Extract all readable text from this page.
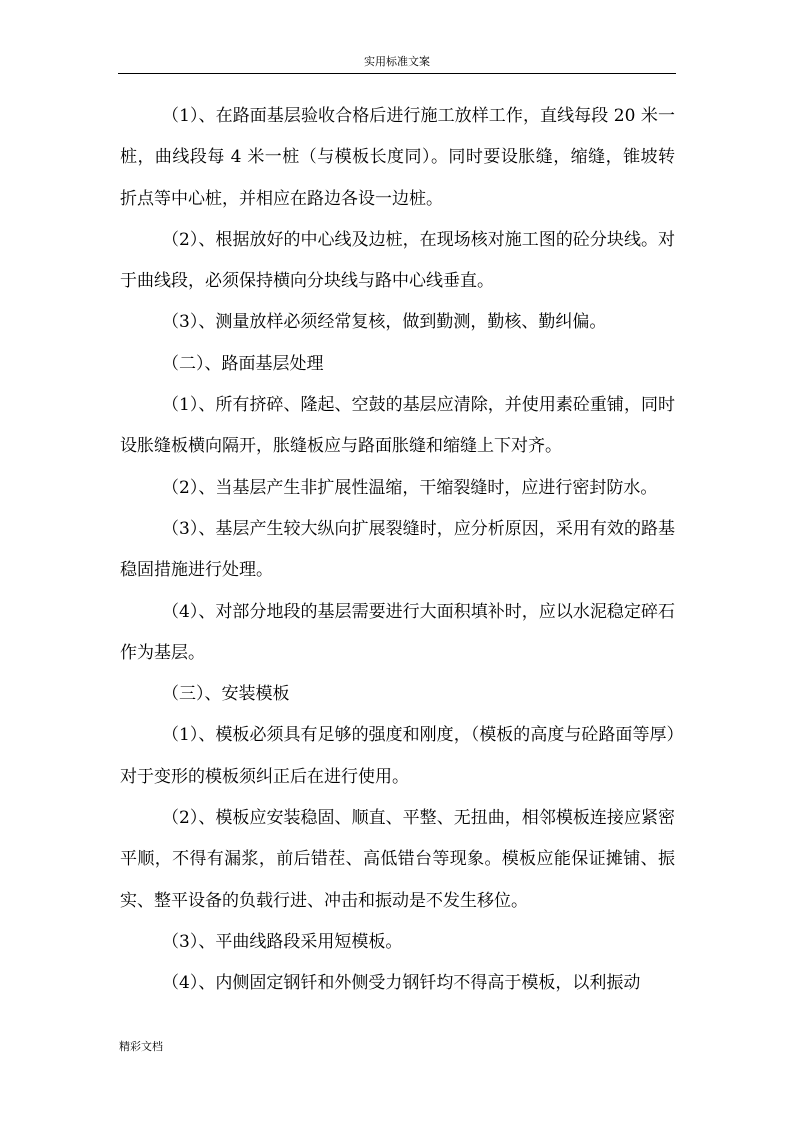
实用标准文案

（1）、在路面基层验收合格后进行施工放样工作，直线每段 20 米一桩，曲线段每 4 米一桩（与模板长度同）。同时要设胀缝，缩缝，锥坡转折点等中心桩，并相应在路边各设一边桩。

（2）、根据放好的中心线及边桩，在现场核对施工图的砼分块线。对于曲线段，必须保持横向分块线与路中心线垂直。

（3）、测量放样必须经常复核，做到勤测，勤核、勤纠偏。

（二）、路面基层处理

（1）、所有挤碎、隆起、空鼓的基层应清除，并使用素砼重铺，同时设胀缝板横向隔开，胀缝板应与路面胀缝和缩缝上下对齐。

（2）、当基层产生非扩展性温缩，干缩裂缝时，应进行密封防水。

（3）、基层产生较大纵向扩展裂缝时，应分析原因，采用有效的路基稳固措施进行处理。

（4）、对部分地段的基层需要进行大面积填补时，应以水泥稳定碎石作为基层。

（三）、安装模板

（1）、模板必须具有足够的强度和刚度，（模板的高度与砼路面等厚）对于变形的模板须纠正后在进行使用。

（2）、模板应安装稳固、顺直、平整、无扭曲，相邻模板连接应紧密平顺，不得有漏浆，前后错茬、高低错台等现象。模板应能保证摊铺、振实、整平设备的负载行进、冲击和振动是不发生移位。

（3）、平曲线路段采用短模板。

（4）、内侧固定钢钎和外侧受力钢钎均不得高于模板，以利振动

精彩文档
